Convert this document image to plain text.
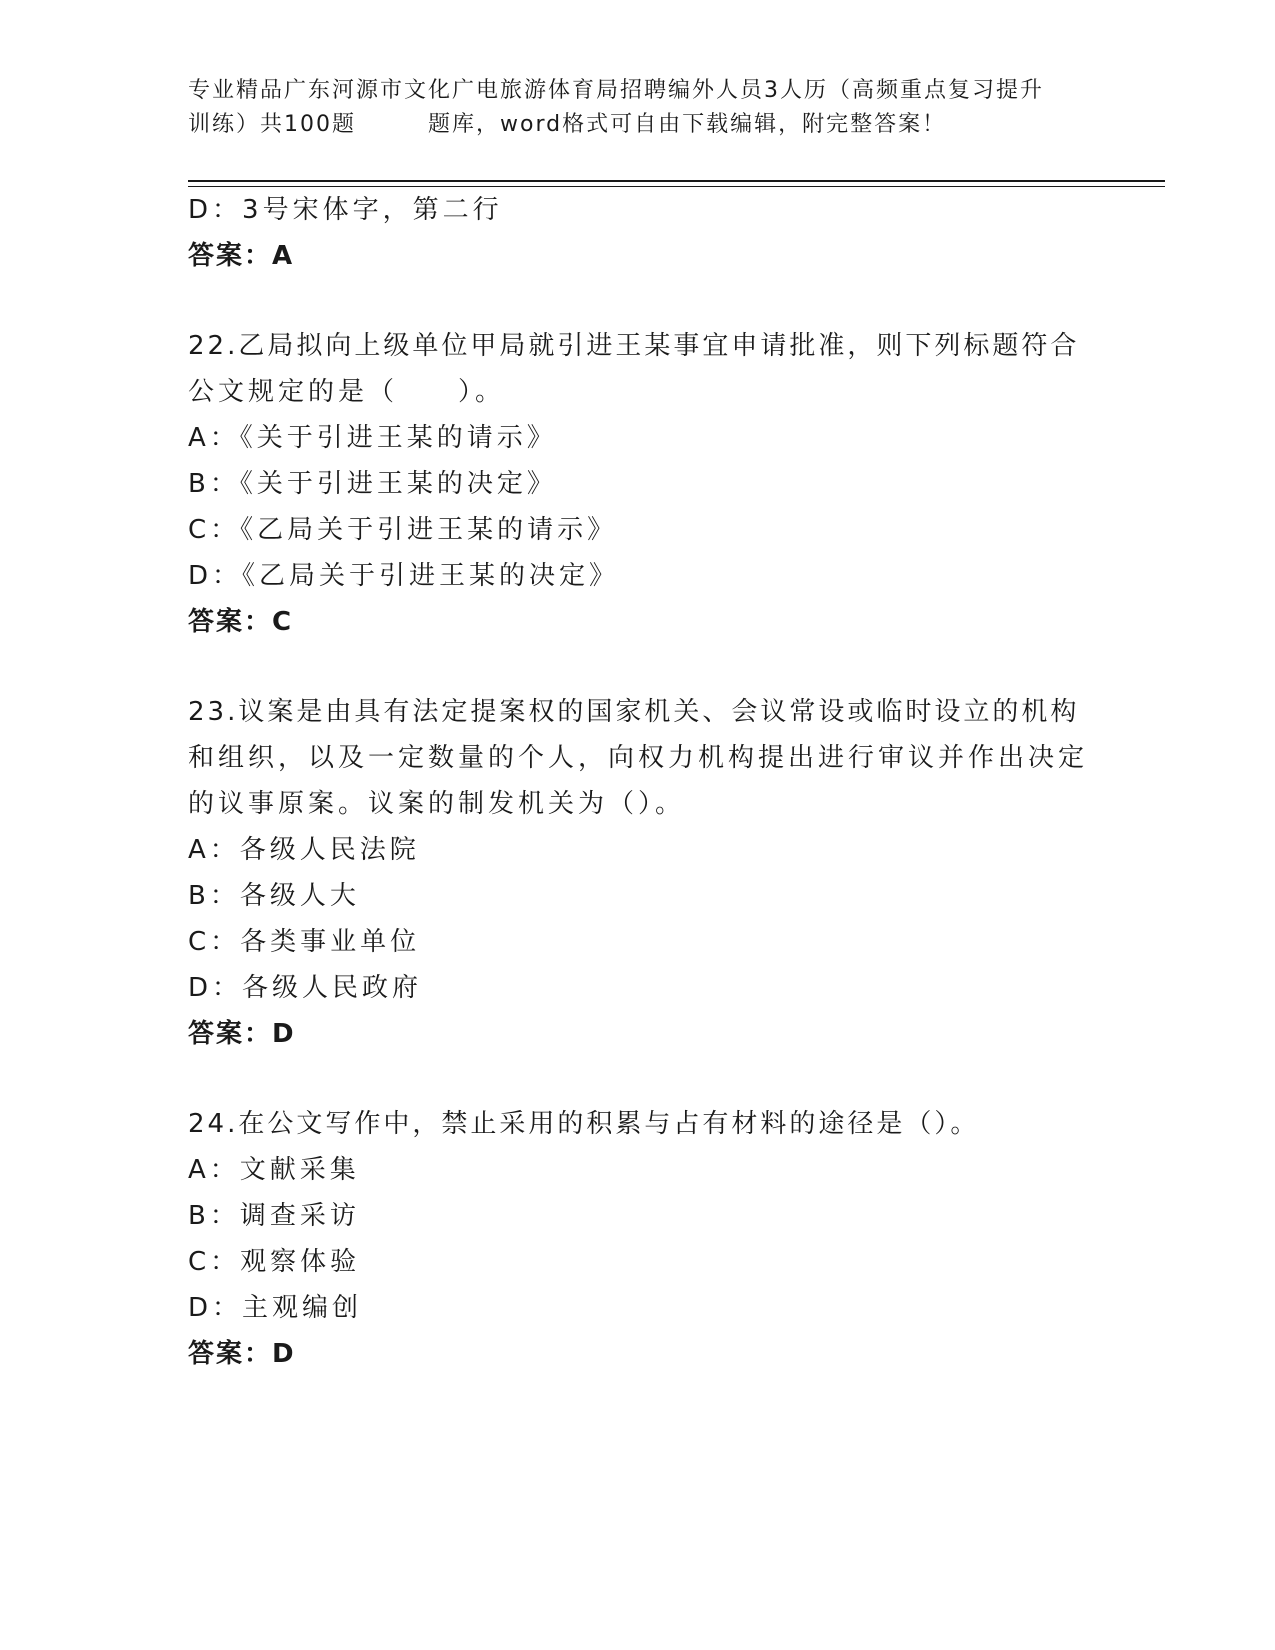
专业精品广东河源市文化广电旅游体育局招聘编外人员3人历（高频重点复习提升
训练）共100题	题库，word格式可自由下载编辑，附完整答案！
D：3号宋体字，第二行
答案：A
22.乙局拟向上级单位甲局就引进王某事宜申请批准，则下列标题符合
公文规定的是（　　）。
A：《关于引进王某的请示》
B：《关于引进王某的决定》
C：《乙局关于引进王某的请示》
D：《乙局关于引进王某的决定》
答案：C
23.议案是由具有法定提案权的国家机关、会议常设或临时设立的机构
和组织，以及一定数量的个人，向权力机构提出进行审议并作出决定
的议事原案。议案的制发机关为（）。
A：各级人民法院
B：各级人大
C：各类事业单位
D：各级人民政府
答案：D
24.在公文写作中，禁止采用的积累与占有材料的途径是（）。
A：文献采集
B：调查采访
C：观察体验
D：主观编创
答案：D
